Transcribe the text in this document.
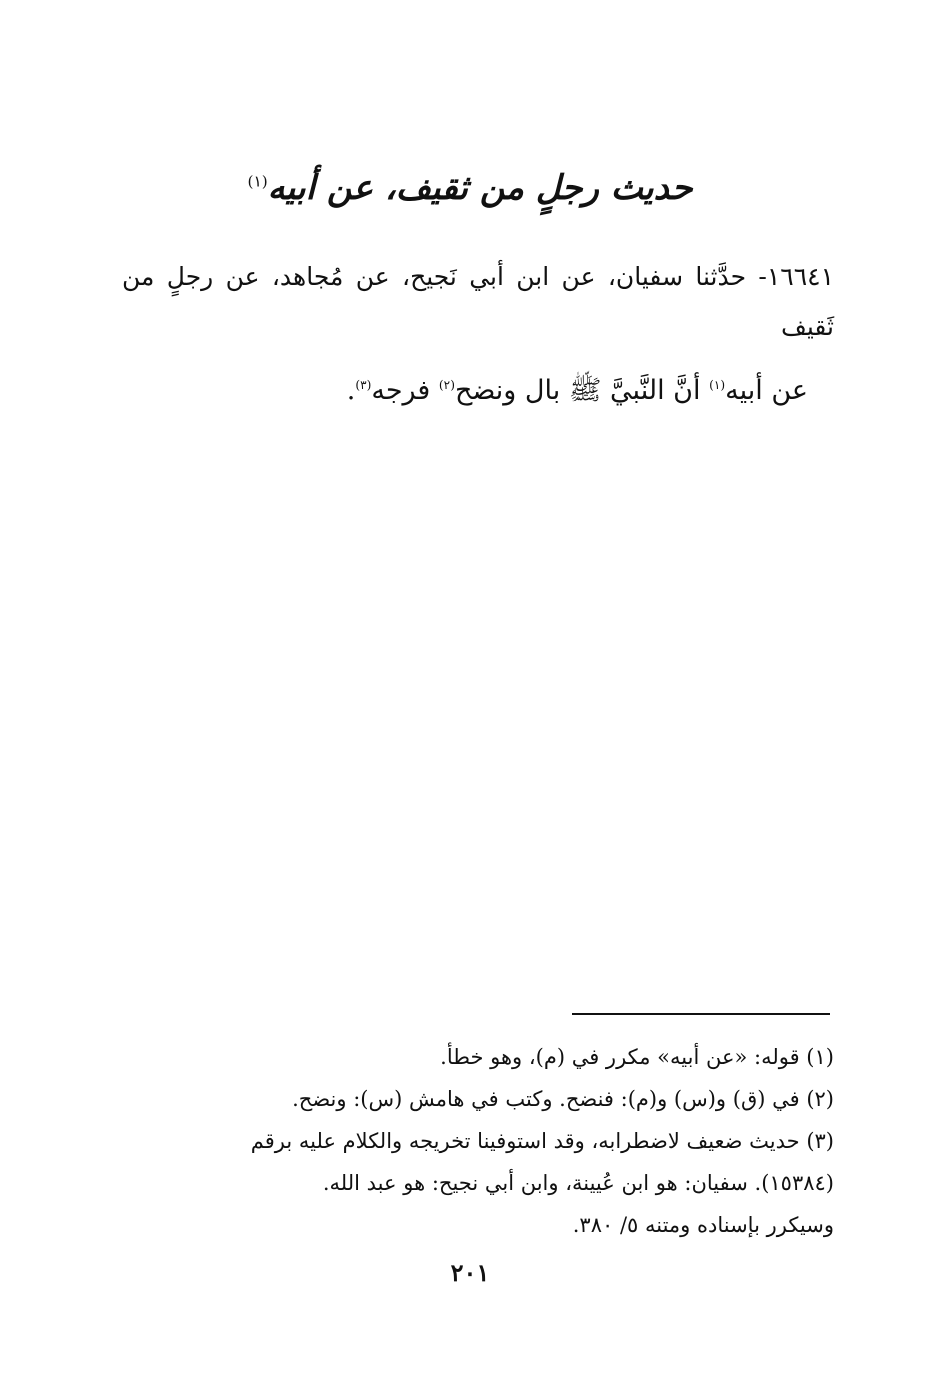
حديث رجلٍ من ثقيف، عن أبيه$^{(١)}$
١٦٦٤١- حدَّثنا سفيان، عن ابن أبي نَجيح، عن مُجاهد، عن رجلٍ من ثَقيف
عن أبيه$^{(١)}$ أنَّ النَّبيَّ ﷺ بال ونضح$^{(٢)}$ فرجه$^{(٣)}$.
(١) قوله: «عن أبيه» مكرر في (م)، وهو خطأ.
(٢) في (ق) و(س) و(م): فنضح. وكتب في هامش (س): ونضح.
(٣) حديث ضعيف لاضطرابه، وقد استوفينا تخريجه والكلام عليه برقم
(١٥٣٨٤). سفيان: هو ابن عُيينة، وابن أبي نجيح: هو عبد الله.
وسيكرر بإسناده ومتنه ٥/ ٣٨٠.
٢٠١
